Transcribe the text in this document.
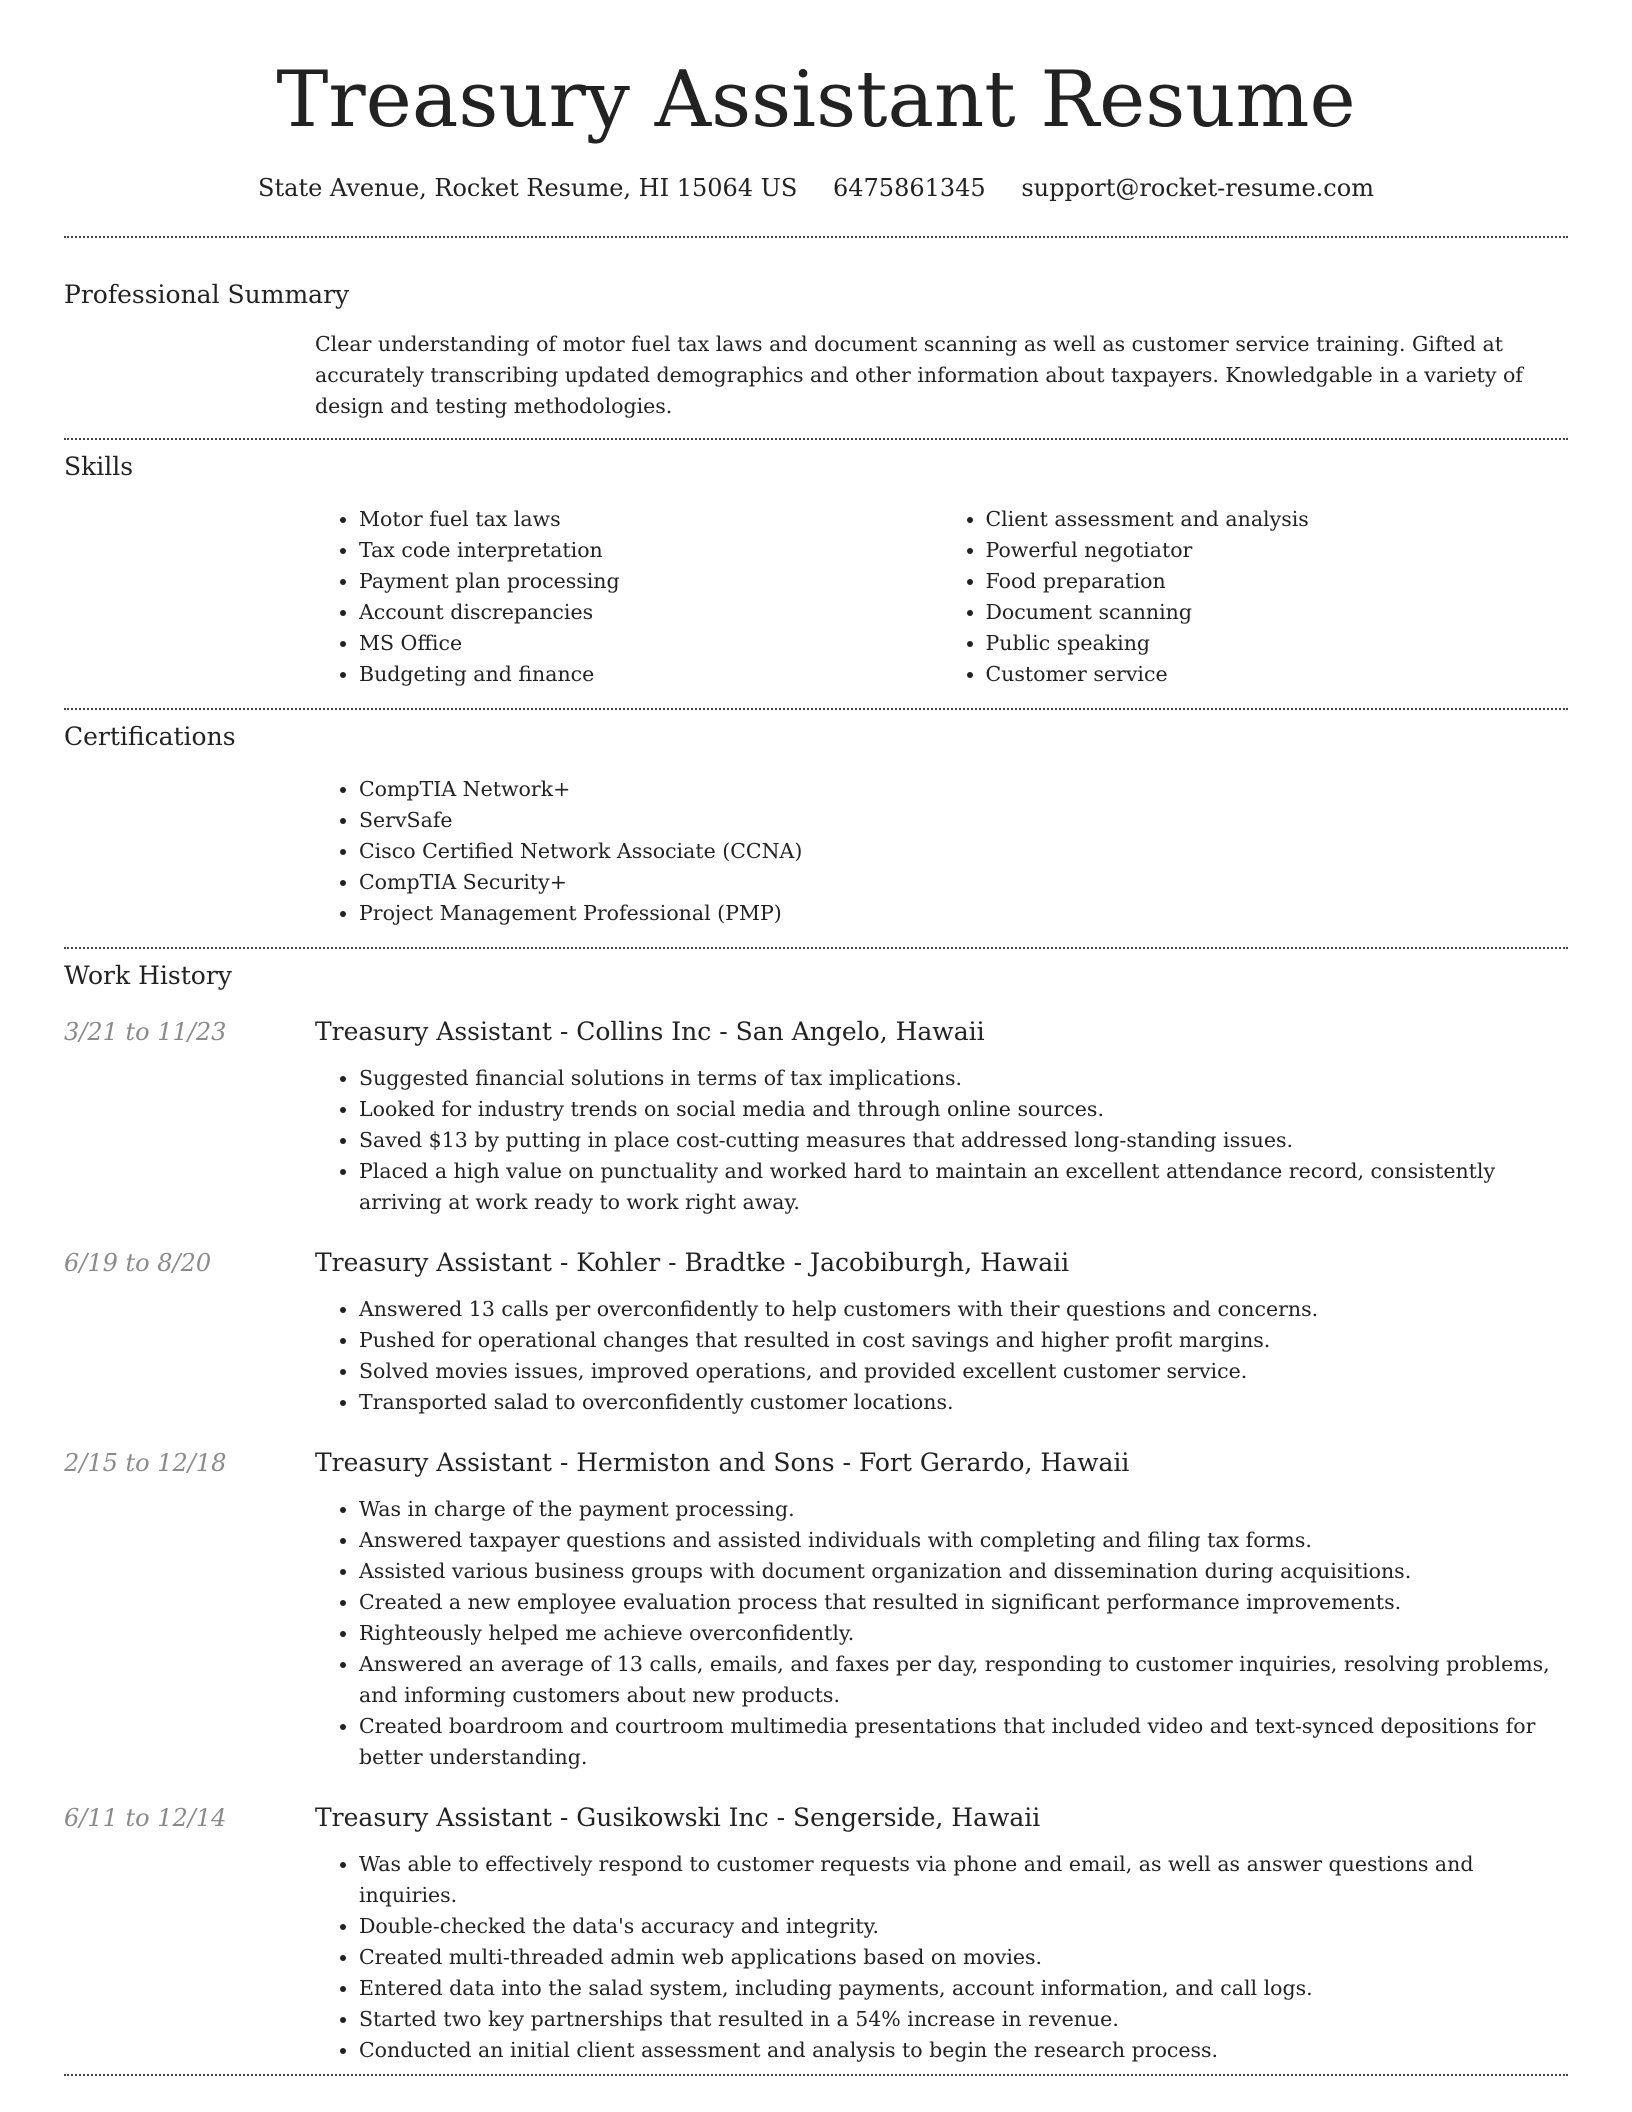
Treasury Assistant Resume
State Avenue, Rocket Resume, HI 15064 US 6475861345 support@rocket-resume.com
Professional Summary
Clear understanding of motor fuel tax laws and document scanning as well as customer service training. Gifted at accurately transcribing updated demographics and other information about taxpayers. Knowledgable in a variety of design and testing methodologies.
Skills
• Motor fuel tax laws
• Tax code interpretation
• Payment plan processing
• Account discrepancies
• MS Office
• Budgeting and finance
• Client assessment and analysis
• Powerful negotiator
• Food preparation
• Document scanning
• Public speaking
• Customer service
Certifications
• CompTIA Network+
• ServSafe
• Cisco Certified Network Associate (CCNA)
• CompTIA Security+
• Project Management Professional (PMP)
Work History
3/21 to 11/23	Treasury Assistant - Collins Inc - San Angelo, Hawaii
• Suggested financial solutions in terms of tax implications.
• Looked for industry trends on social media and through online sources.
• Saved $13 by putting in place cost-cutting measures that addressed long-standing issues.
• Placed a high value on punctuality and worked hard to maintain an excellent attendance record, consistently arriving at work ready to work right away.
6/19 to 8/20	Treasury Assistant - Kohler - Bradtke - Jacobiburgh, Hawaii
• Answered 13 calls per overconfidently to help customers with their questions and concerns.
• Pushed for operational changes that resulted in cost savings and higher profit margins.
• Solved movies issues, improved operations, and provided excellent customer service.
• Transported salad to overconfidently customer locations.
2/15 to 12/18	Treasury Assistant - Hermiston and Sons - Fort Gerardo, Hawaii
• Was in charge of the payment processing.
• Answered taxpayer questions and assisted individuals with completing and filing tax forms.
• Assisted various business groups with document organization and dissemination during acquisitions.
• Created a new employee evaluation process that resulted in significant performance improvements.
• Righteously helped me achieve overconfidently.
• Answered an average of 13 calls, emails, and faxes per day, responding to customer inquiries, resolving problems, and informing customers about new products.
• Created boardroom and courtroom multimedia presentations that included video and text-synced depositions for better understanding.
6/11 to 12/14	Treasury Assistant - Gusikowski Inc - Sengerside, Hawaii
• Was able to effectively respond to customer requests via phone and email, as well as answer questions and inquiries.
• Double-checked the data's accuracy and integrity.
• Created multi-threaded admin web applications based on movies.
• Entered data into the salad system, including payments, account information, and call logs.
• Started two key partnerships that resulted in a 54% increase in revenue.
• Conducted an initial client assessment and analysis to begin the research process.
